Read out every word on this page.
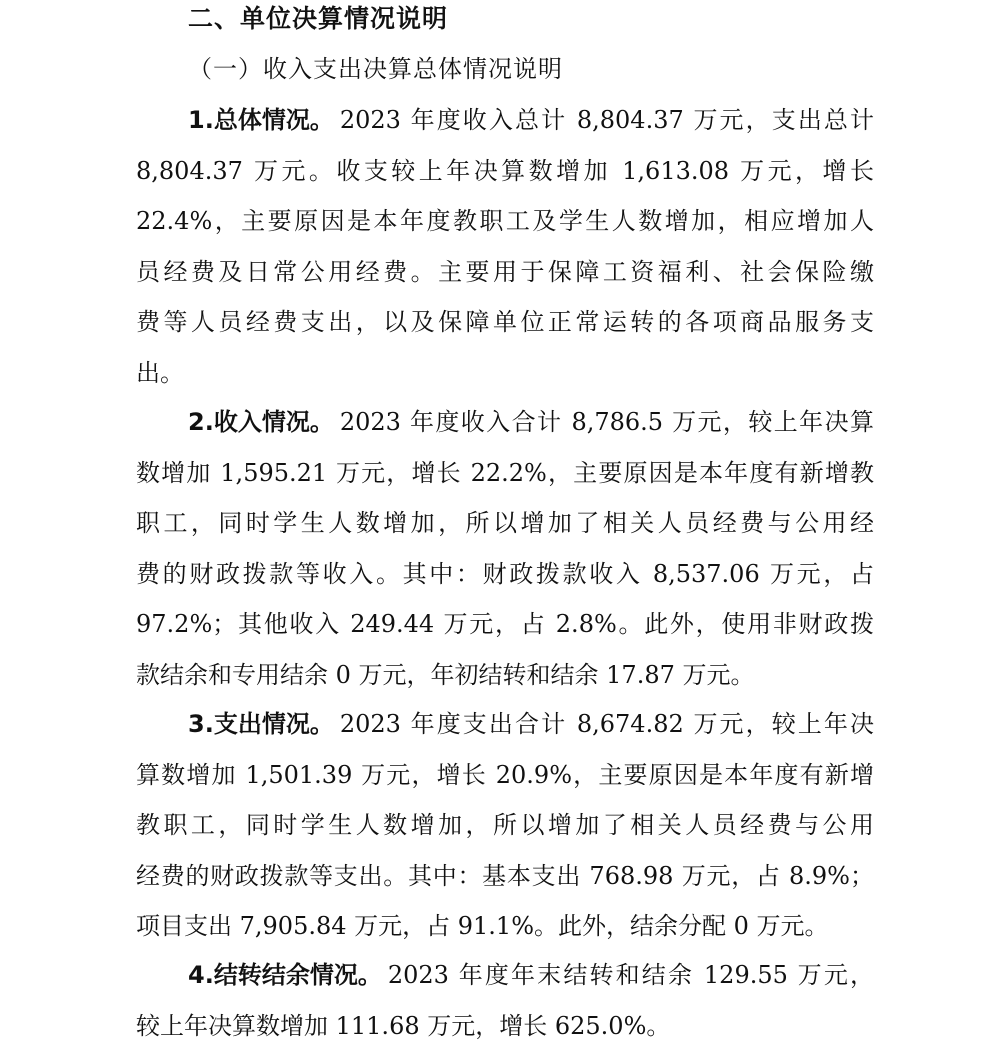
二、单位决算情况说明
（一）收入支出决算总体情况说明
1.总体情况。 2023 年度收入总计 8,804.37 万元，支出总计
8,804.37 万元。收支较上年决算数增加 1,613.08 万元，增长
22.4%，主要原因是本年度教职工及学生人数增加，相应增加人
员经费及日常公用经费。主要用于保障工资福利、社会保险缴
费等人员经费支出，以及保障单位正常运转的各项商品服务支
出。
2.收入情况。 2023 年度收入合计 8,786.5 万元，较上年决算
数增加 1,595.21 万元，增长 22.2%，主要原因是本年度有新增教
职工，同时学生人数增加，所以增加了相关人员经费与公用经
费的财政拨款等收入。其中：财政拨款收入 8,537.06 万元，占
97.2%；其他收入 249.44 万元，占 2.8%。此外，使用非财政拨
款结余和专用结余 0 万元，年初结转和结余 17.87 万元。
3.支出情况。 2023 年度支出合计 8,674.82 万元，较上年决
算数增加 1,501.39 万元，增长 20.9%，主要原因是本年度有新增
教职工，同时学生人数增加，所以增加了相关人员经费与公用
经费的财政拨款等支出。其中：基本支出 768.98 万元，占 8.9%；
项目支出 7,905.84 万元，占 91.1%。此外，结余分配 0 万元。
4.结转结余情况。 2023 年度年末结转和结余 129.55 万元，
较上年决算数增加 111.68 万元，增长 625.0%。
